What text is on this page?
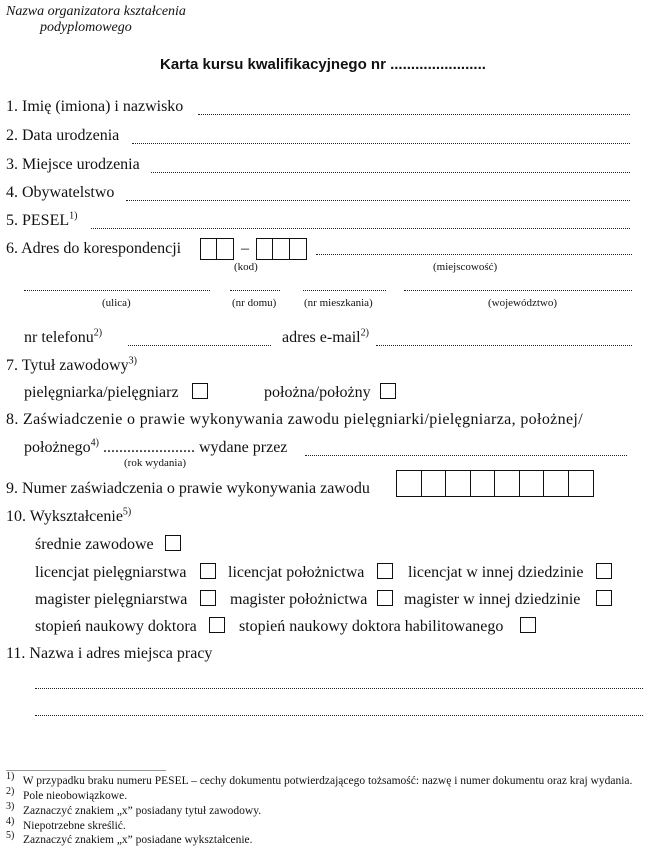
Nazwa organizatora kształcenia
podyplomowego
Karta kursu kwalifikacyjnego nr .......................
1. Imię (imiona) i nazwisko
2. Data urodzenia
3. Miejsce urodzenia
4. Obywatelstwo
5. PESEL$^{1)}$
6. Adres do korespondencji	–
(kod)	(miejscowość)
(ulica)	(nr domu)	(nr mieszkania)	(województwo)
nr telefonu$^{2)}$	adres e-mail$^{2)}$
7. Tytuł zawodowy$^{3)}$
pielęgniarka/pielęgniarz	położna/położny
8. Zaświadczenie o prawie wykonywania zawodu pielęgniarki/pielęgniarza, położnej/
położnego$^{4)}$ ....................... wydane przez
(rok wydania)
9. Numer zaświadczenia o prawie wykonywania zawodu
10. Wykształcenie$^{5)}$
średnie zawodowe
licencjat pielęgniarstwa	licencjat położnictwa	licencjat w innej dziedzinie
magister pielęgniarstwa	magister położnictwa magister w innej dziedzinie
stopień naukowy doktora	stopień naukowy doktora habilitowanego
11. Nazwa i adres miejsca pracy
$^{1)}$ W przypadku braku numeru PESEL – cechy dokumentu potwierdzającego tożsamość: nazwę i numer dokumentu oraz kraj wydania.
$^{2)}$ Pole nieobowiązkowe.
$^{3)}$ Zaznaczyć znakiem „x” posiadany tytuł zawodowy.
$^{4)}$ Niepotrzebne skreślić.
$^{5)}$ Zaznaczyć znakiem „x” posiadane wykształcenie.
